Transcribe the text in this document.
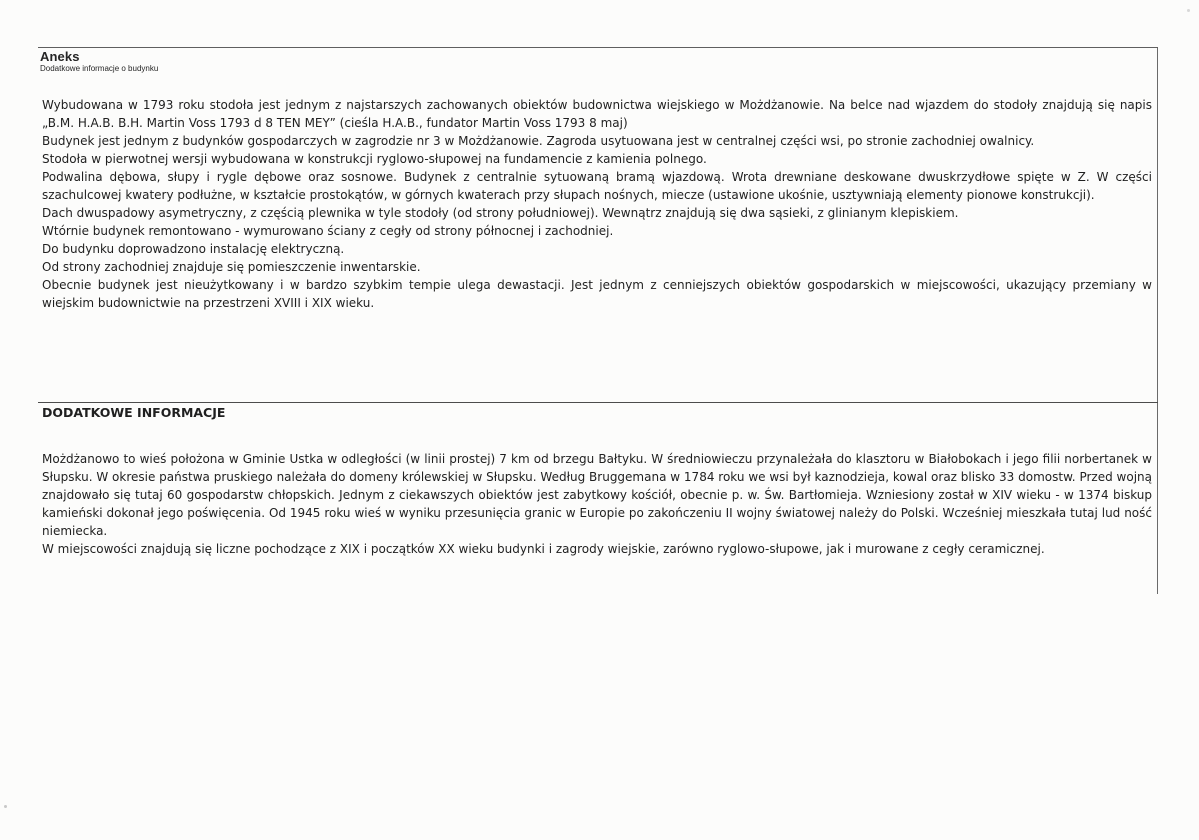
Aneks
Dodatkowe informacje o budynku

Wybudowana w 1793 roku stodoła jest jednym z najstarszych zachowanych obiektów budownictwa wiejskiego w Możdżanowie. Na belce nad wjazdem do stodoły znajdują się napis „B.M. H.A.B. B.H. Martin Voss 1793 d 8 TEN MEY” (cieśla H.A.B., fundator Martin Voss 1793 8 maj)

Budynek jest jednym z budynków gospodarczych w zagrodzie nr 3 w Możdżanowie. Zagroda usytuowana jest w centralnej części wsi, po stronie zachodniej owalnicy.

Stodoła w pierwotnej wersji wybudowana w konstrukcji ryglowo-słupowej na fundamencie z kamienia polnego.

Podwalina dębowa, słupy i rygle dębowe oraz sosnowe. Budynek z centralnie sytuowaną bramą wjazdową. Wrota drewniane deskowane dwuskrzydłowe spięte w Z. W części szachulcowej kwatery podłużne, w kształcie prostokątów, w górnych kwaterach przy słupach nośnych, miecze (ustawione ukośnie, usztywniają elementy pionowe konstrukcji).

Dach dwuspadowy asymetryczny, z częścią plewnika w tyle stodoły (od strony południowej). Wewnątrz znajdują się dwa sąsieki, z glinianym klepiskiem.

Wtórnie budynek remontowano - wymurowano ściany z cegły od strony północnej i zachodniej.

Do budynku doprowadzono instalację elektryczną.

Od strony zachodniej znajduje się pomieszczenie inwentarskie.

Obecnie budynek jest nieużytkowany i w bardzo szybkim tempie ulega dewastacji. Jest jednym z cenniejszych obiektów gospodarskich w miejscowości, ukazujący przemiany w wiejskim budownictwie na przestrzeni XVIII i XIX wieku.

DODATKOWE INFORMACJE

Możdżanowo to wieś położona w Gminie Ustka w odległości (w linii prostej) 7 km od brzegu Bałtyku. W średniowieczu przynależała do klasztoru w Białobokach i jego filii norbertanek w Słupsku. W okresie państwa pruskiego należała do domeny królewskiej w Słupsku. Według Bruggemana w 1784 roku we wsi był kaznodzieja, kowal oraz blisko 33 domostw. Przed wojną znajdowało się tutaj 60 gospodarstw chłopskich. Jednym z ciekawszych obiektów jest zabytkowy kościół, obecnie p. w. Św. Bartłomieja. Wzniesiony został w XIV wieku - w 1374 biskup kamieński dokonał jego poświęcenia. Od 1945 roku wieś w wyniku przesunięcia granic w Europie po zakończeniu II wojny światowej należy do Polski. Wcześniej mieszkała tutaj lud ność niemiecka.

W miejscowości znajdują się liczne pochodzące z XIX i początków XX wieku budynki i zagrody wiejskie, zarówno ryglowo-słupowe, jak i murowane z cegły ceramicznej.
